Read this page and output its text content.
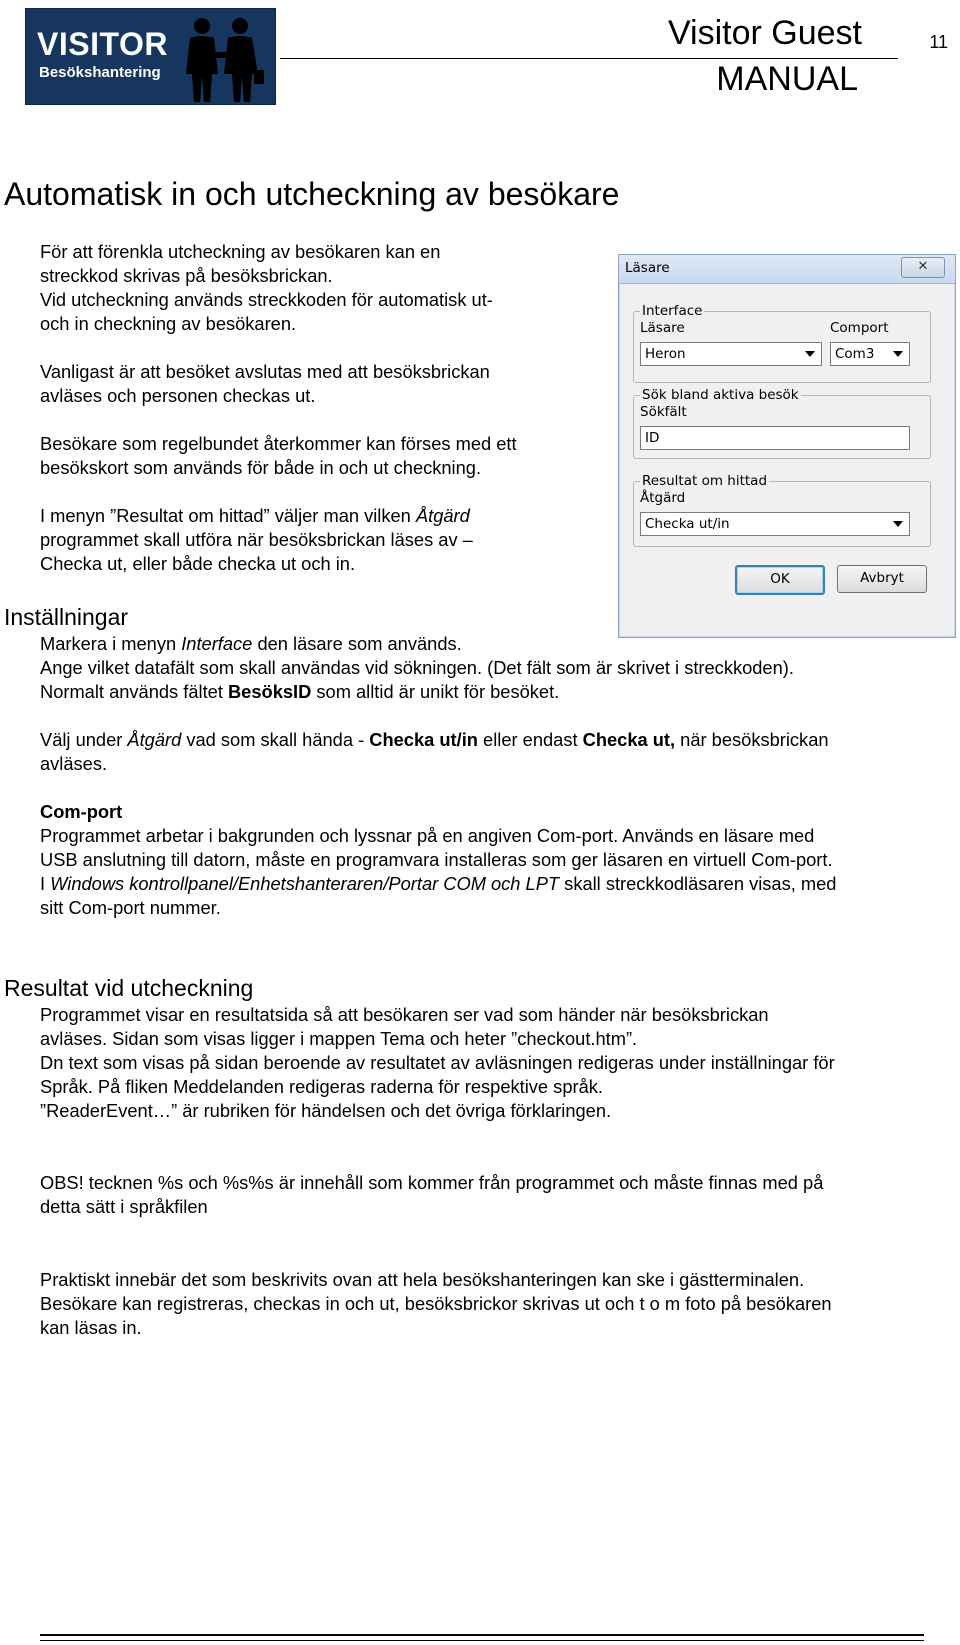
VISITOR
Besökshantering
Visitor Guest
MANUAL
11
Automatisk in och utcheckning av besökare

För att förenkla utcheckning av besökaren kan en

streckkod skrivas på besöksbrickan.

Vid utcheckning används streckkoden för automatisk ut-

och in checkning av besökaren.

Vanligast är att besöket avslutas med att besöksbrickan

avläses och personen checkas ut.

Besökare som regelbundet återkommer kan förses med ett

besökskort som används för både in och ut checkning.

I menyn ”Resultat om hittad” väljer man vilken Åtgärd

programmet skall utföra när besöksbrickan läses av –

Checka ut, eller både checka ut och in.

Läsare	✕
Interface
Läsare	Comport
Heron	Com3
Sök bland aktiva besök
Sökfält
ID
Resultat om hittad
Åtgärd
Checka ut/in
OK	Avbryt
Inställningar

Markera i menyn Interface den läsare som används.

Ange vilket datafält som skall användas vid sökningen. (Det fält som är skrivet i streckkoden).

Normalt används fältet BesöksID som alltid är unikt för besöket.

Välj under Åtgärd vad som skall hända - Checka ut/in eller endast Checka ut, när besöksbrickan

avläses.

Com-port

Programmet arbetar i bakgrunden och lyssnar på en angiven Com-port. Används en läsare med

USB anslutning till datorn, måste en programvara installeras som ger läsaren en virtuell Com-port.

I Windows kontrollpanel/Enhetshanteraren/Portar COM och LPT skall streckkodläsaren visas, med

sitt Com-port nummer.

Resultat vid utcheckning

Programmet visar en resultatsida så att besökaren ser vad som händer när besöksbrickan

avläses. Sidan som visas ligger i mappen Tema och heter ”checkout.htm”.

Dn text som visas på sidan beroende av resultatet av avläsningen redigeras under inställningar för

Språk. På fliken Meddelanden redigeras raderna för respektive språk.

”ReaderEvent…” är rubriken för händelsen och det övriga förklaringen.

OBS! tecknen %s och %s%s är innehåll som kommer från programmet och måste finnas med på

detta sätt i språkfilen

Praktiskt innebär det som beskrivits ovan att hela besökshanteringen kan ske i gästterminalen.

Besökare kan registreras, checkas in och ut, besöksbrickor skrivas ut och t o m foto på besökaren

kan läsas in.
